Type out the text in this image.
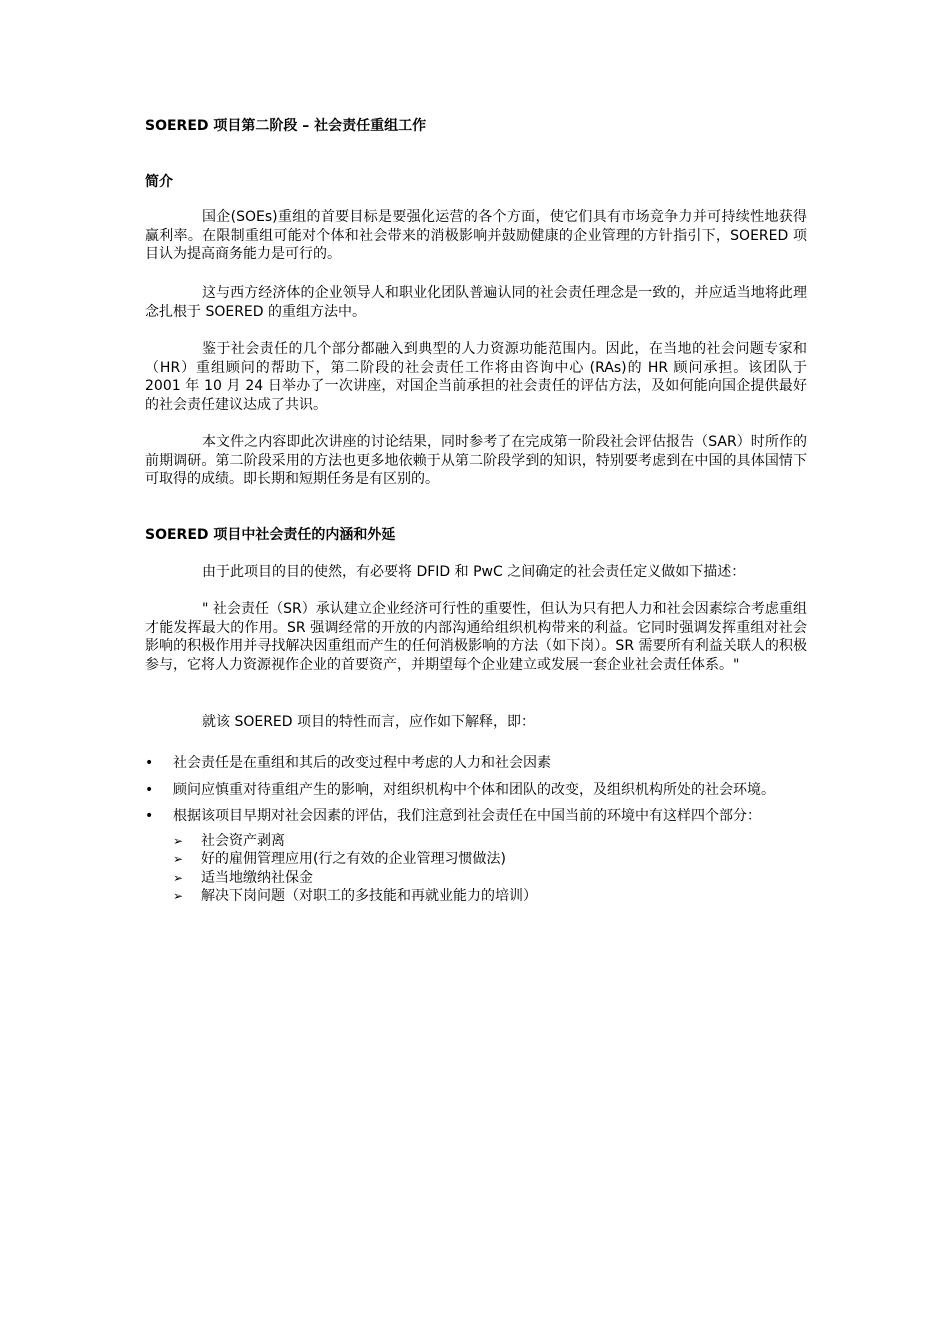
SOERED 项目第二阶段 – 社会责任重组工作
简介

国企(SOEs)重组的首要目标是要强化运营的各个方面，使它们具有市场竞争力并可持续性地获得赢利率。在限制重组可能对个体和社会带来的消极影响并鼓励健康的企业管理的方针指引下，SOERED 项目认为提高商务能力是可行的。

这与西方经济体的企业领导人和职业化团队普遍认同的社会责任理念是一致的，并应适当地将此理念扎根于 SOERED 的重组方法中。

鉴于社会责任的几个部分都融入到典型的人力资源功能范围内。因此，在当地的社会问题专家和（HR）重组顾问的帮助下，第二阶段的社会责任工作将由咨询中心 (RAs)的 HR 顾问承担。该团队于 2001 年 10 月 24 日举办了一次讲座，对国企当前承担的社会责任的评估方法，及如何能向国企提供最好的社会责任建议达成了共识。

本文件之内容即此次讲座的讨论结果，同时参考了在完成第一阶段社会评估报告（SAR）时所作的前期调研。第二阶段采用的方法也更多地依赖于从第二阶段学到的知识，特别要考虑到在中国的具体国情下可取得的成绩。即长期和短期任务是有区别的。

SOERED 项目中社会责任的内涵和外延

由于此项目的目的使然，有必要将 DFID 和 PwC 之间确定的社会责任定义做如下描述：

" 社会责任（SR）承认建立企业经济可行性的重要性，但认为只有把人力和社会因素综合考虑重组才能发挥最大的作用。SR 强调经常的开放的内部沟通给组织机构带来的利益。它同时强调发挥重组对社会影响的积极作用并寻找解决因重组而产生的任何消极影响的方法（如下岗）。SR 需要所有利益关联人的积极参与，它将人力资源视作企业的首要资产，并期望每个企业建立或发展一套企业社会责任体系。"

就该 SOERED 项目的特性而言，应作如下解释，即：

• 社会责任是在重组和其后的改变过程中考虑的人力和社会因素
• 顾问应慎重对待重组产生的影响，对组织机构中个体和团队的改变，及组织机构所处的社会环境。
• 根据该项目早期对社会因素的评估，我们注意到社会责任在中国当前的环境中有这样四个部分：
➢ 社会资产剥离
➢ 好的雇佣管理应用(行之有效的企业管理习惯做法)
➢ 适当地缴纳社保金
➢ 解决下岗问题（对职工的多技能和再就业能力的培训）
